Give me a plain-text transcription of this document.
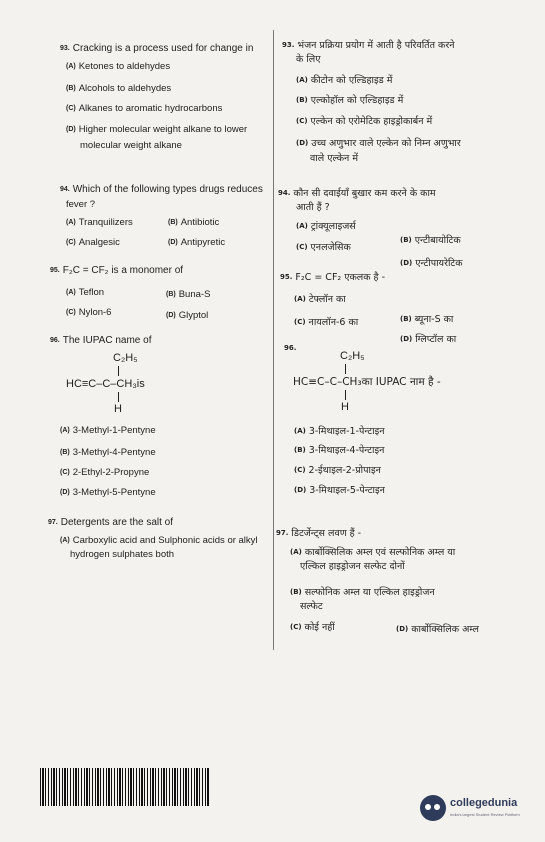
93. Cracking is a process used for change in
(A) Ketones to aldehydes
(B) Alcohols to aldehydes
(C) Alkanes to aromatic hydrocarbons
(D) Higher molecular weight alkane to lower
molecular weight alkane
94. Which of the following types drugs reduces
fever ?
(A) Tranquilizers	(B) Antibiotic
(C) Analgesic	(D) Antipyretic
95. F₂C = CF₂ is a monomer of
(A) Teflon	(B) Buna-S
(C) Nylon-6	(D) Glyptol
96. The IUPAC name of
C₂H₅
HC≡C–C–CH₃is
H
(A) 3-Methyl-1-Pentyne
(B) 3-Methyl-4-Pentyne
(C) 2-Ethyl-2-Propyne
(D) 3-Methyl-5-Pentyne
97. Detergents are the salt of
(A) Carboxylic acid and Sulphonic acids or alkyl
hydrogen sulphates both
93. भंजन प्रक्रिया प्रयोग में आती है परिवर्तित करने
के लिए
(A) कीटोन को एल्डिहाइड में
(B) एल्कोहॉल को एल्डिहाइड में
(C) एल्केन को एरोमेटिक हाइड्रोकार्बन में
(D) उच्च अणुभार वाले एल्केन को निम्न अणुभार
वाले एल्केन में
94. कौन सी दवाईयाँ बुखार कम करने के काम
आती हैं ?
(A) ट्रांक्यूलाइजर्स
(B) एन्टीबायोटिक
(C) एनलजेसिक
(D) एन्टीपायरेटिक
95. F₂C = CF₂ एकलक है -
(A) टेफ्लॉन का
(B) ब्यूना-S का
(C) नायलॉन-6 का
(D) ग्लिप्टॉल का
96.
C₂H₅
HC≡C–C–CH₃का IUPAC नाम है -
H
(A) 3-मिथाइल-1-पेन्टाइन
(B) 3-मिथाइल-4-पेन्टाइन
(C) 2-ईथाइल-2-प्रोपाइन
(D) 3-मिथाइल-5-पेन्टाइन
97. डिटर्जेन्ट्स लवण हैं -
(A) कार्बोक्सिलिक अम्ल एवं सल्फोनिक अम्ल या
एल्किल हाइड्रोजन सल्फेट दोनों
(B) सल्फोनिक अम्ल या एल्किल हाइड्रोजन
सल्फेट
(C) कोई नहीं	(D) कार्बोक्सिलिक अम्ल
collegedunia
India's largest Student Review Platform
